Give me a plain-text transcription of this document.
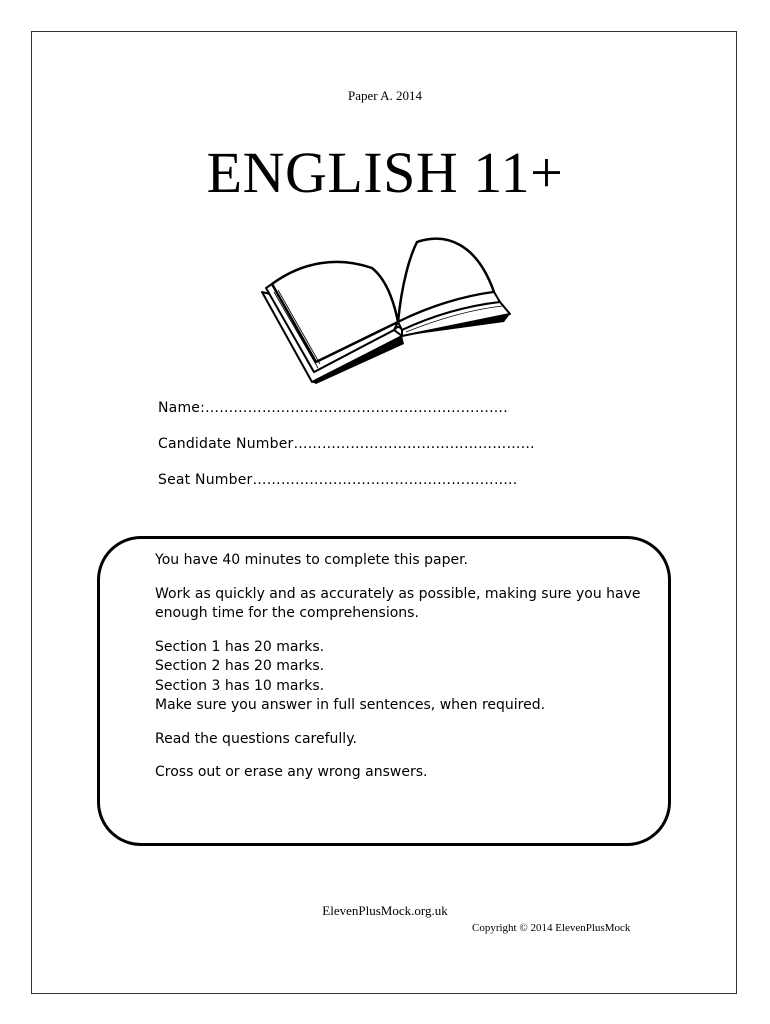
Paper A. 2014
ENGLISH 11+
Name:……………………………………………………….
Candidate Number……………………………………………
Seat Number………………………………………………..

You have 40 minutes to complete this paper.

Work as quickly and as accurately as possible, making sure you have enough time for the comprehensions.

Section 1 has 20 marks.
Section 2 has 20 marks.
Section 3 has 10 marks.
Make sure you answer in full sentences, when required.

Read the questions carefully.

Cross out or erase any wrong answers.

ElevenPlusMock.org.uk
Copyright © 2014 ElevenPlusMock
